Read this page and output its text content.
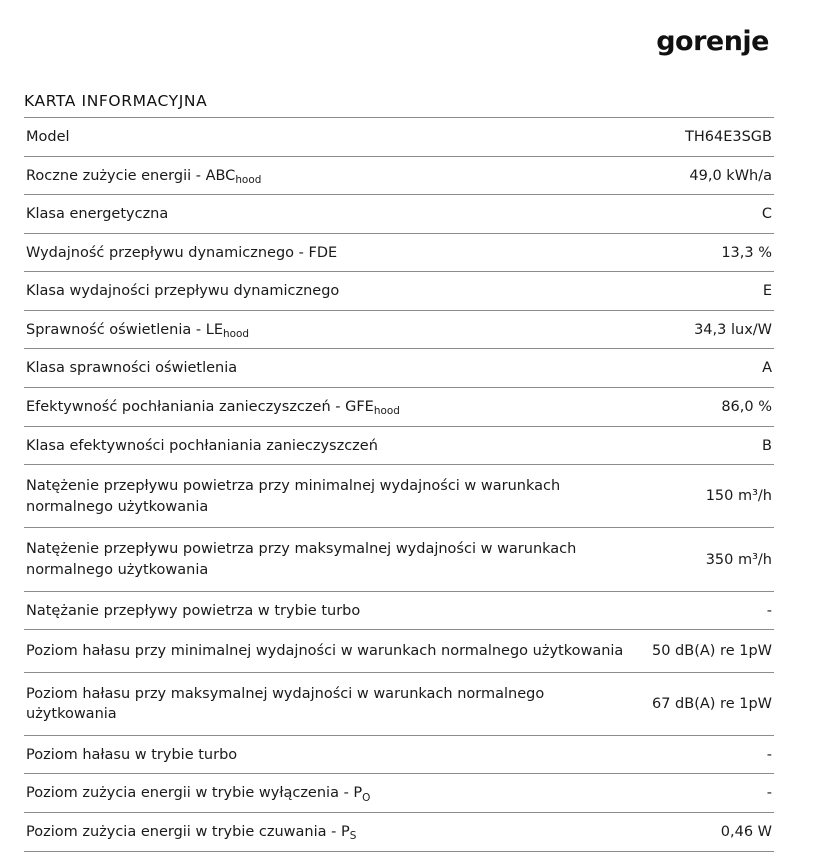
gorenje
KARTA INFORMACYJNA
Model	TH64E3SGB
Roczne zużycie energii - $ABC_{hood}$	49,0 kWh/a
Klasa energetyczna	C
Wydajność przepływu dynamicznego - FDE	13,3 %
Klasa wydajności przepływu dynamicznego	E
Sprawność oświetlenia - $LE_{hood}$	34,3 lux/W
Klasa sprawności oświetlenia	A
Efektywność pochłaniania zanieczyszczeń - $GFE_{hood}$	86,0 %
Klasa efektywności pochłaniania zanieczyszczeń	B
Natężenie przepływu powietrza przy minimalnej wydajności w warunkach normalnego użytkowania	150 m³/h
Natężenie przepływu powietrza przy maksymalnej wydajności w warunkach normalnego użytkowania	350 m³/h
Natężanie przepływy powietrza w trybie turbo	-
Poziom hałasu przy minimalnej wydajności w warunkach normalnego użytkowania	50 dB(A) re 1pW
Poziom hałasu przy maksymalnej wydajności w warunkach normalnego użytkowania	67 dB(A) re 1pW
Poziom hałasu w trybie turbo	-
Poziom zużycia energii w trybie wyłączenia - $P_O$	-
Poziom zużycia energii w trybie czuwania - $P_S$	0,46 W
